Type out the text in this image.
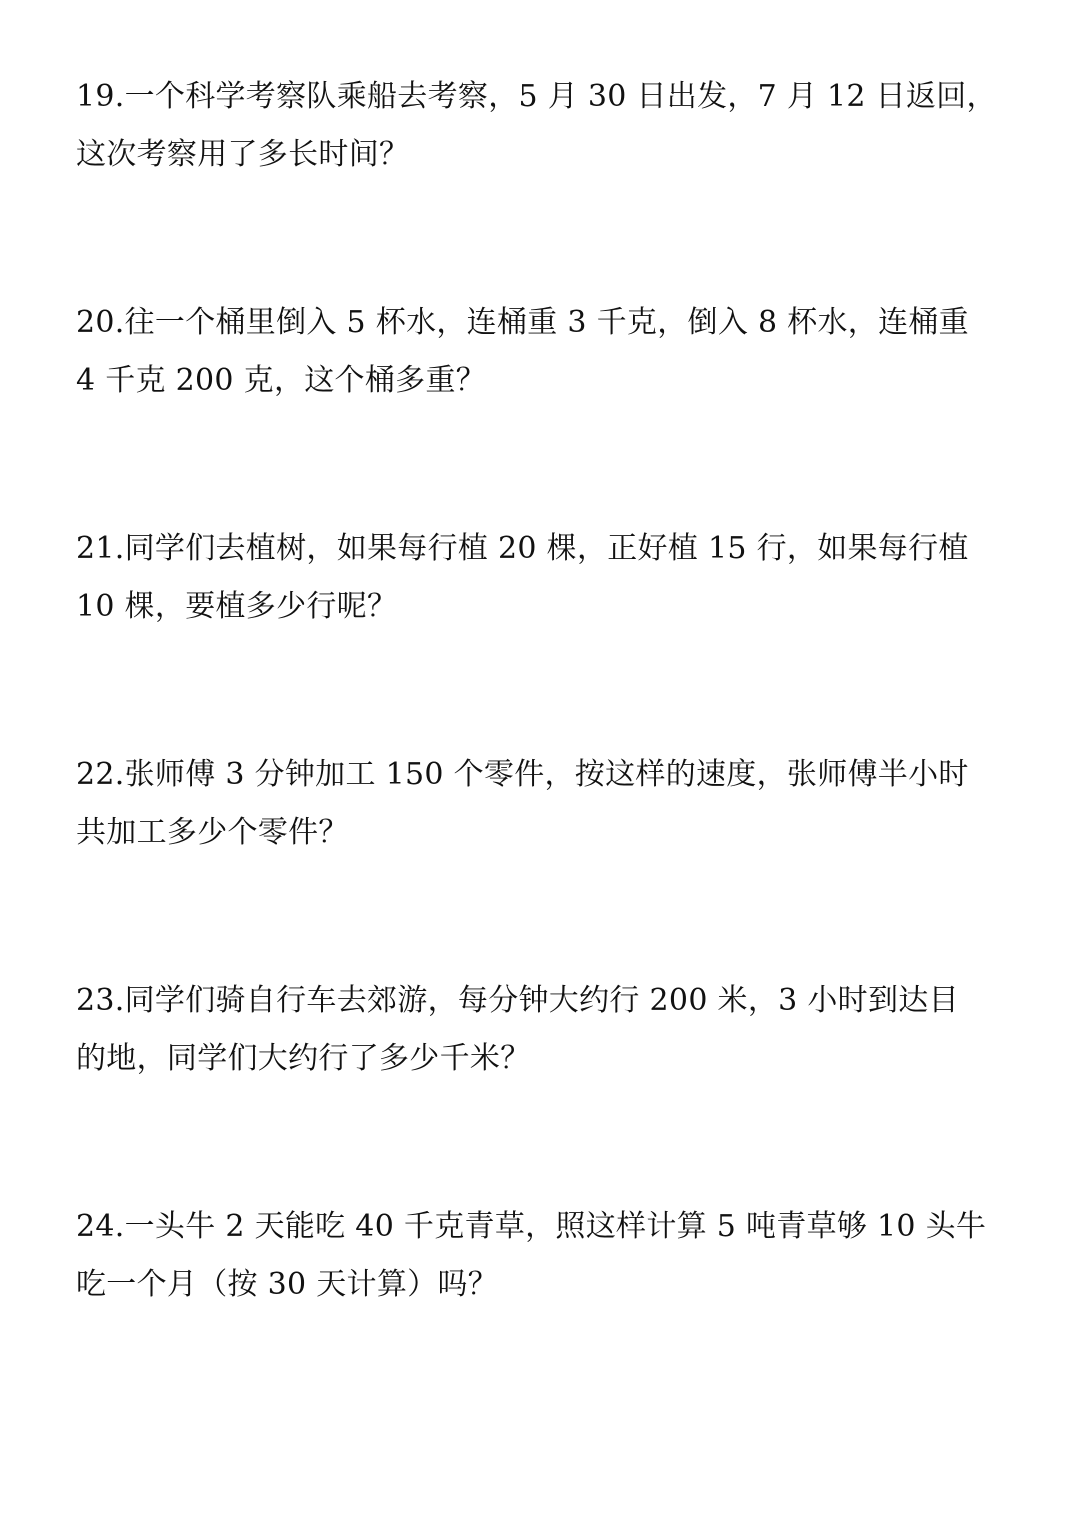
19.一个科学考察队乘船去考察，5 月 30 日出发，7 月 12 日返回，
这次考察用了多长时间？
20.往一个桶里倒入 5 杯水，连桶重 3 千克，倒入 8 杯水，连桶重
4 千克 200 克，这个桶多重？
21.同学们去植树，如果每行植 20 棵，正好植 15 行，如果每行植
10 棵，要植多少行呢？
22.张师傅 3 分钟加工 150 个零件，按这样的速度，张师傅半小时
共加工多少个零件？
23.同学们骑自行车去郊游，每分钟大约行 200 米，3 小时到达目
的地，同学们大约行了多少千米？
24.一头牛 2 天能吃 40 千克青草，照这样计算 5 吨青草够 10 头牛
吃一个月（按 30 天计算）吗？
